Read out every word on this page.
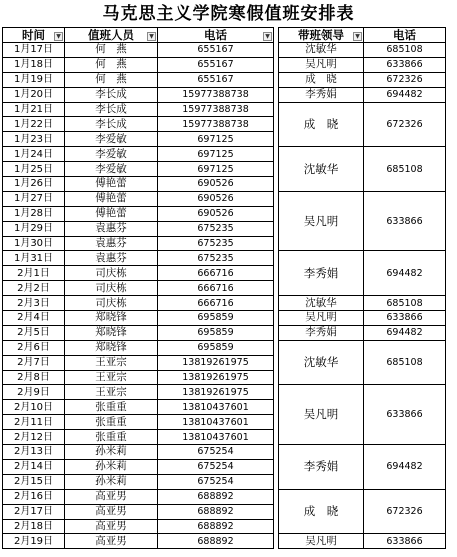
马克思主义学院寒假值班安排表
时间 ▼	值班人员 ▼	电话 ▼		带班领导 ▼	电话
1月17日	何　燕	655167		沈敏华	685108
1月18日	何　燕	655167		吴凡明	633866
1月19日	何　燕	655167		成　晓	672326
1月20日	李长成	15977388738		李秀娟	694482
1月21日	李长成	15977388738		成　晓	672326
1月22日	李长成	15977388738			
1月23日	李爱敏	697125			
1月24日	李爱敏	697125		沈敏华	685108
1月25日	李爱敏	697125			
1月26日	傅艳蕾	690526			
1月27日	傅艳蕾	690526		吴凡明	633866
1月28日	傅艳蕾	690526			
1月29日	袁惠芬	675235			
1月30日	袁惠芬	675235			
1月31日	袁惠芬	675235		李秀娟	694482
2月1日	司庆栋	666716			
2月2日	司庆栋	666716			
2月3日	司庆栋	666716		沈敏华	685108
2月4日	郑晓锋	695859		吴凡明	633866
2月5日	郑晓锋	695859		李秀娟	694482
2月6日	郑晓锋	695859		沈敏华	685108
2月7日	王亚宗	13819261975			
2月8日	王亚宗	13819261975			
2月9日	王亚宗	13819261975		吴凡明	633866
2月10日	张重重	13810437601			
2月11日	张重重	13810437601			
2月12日	张重重	13810437601			
2月13日	孙米莉	675254		李秀娟	694482
2月14日	孙米莉	675254			
2月15日	孙米莉	675254			
2月16日	高亚男	688892		成　晓	672326
2月17日	高亚男	688892			
2月18日	高亚男	688892			
2月19日	高亚男	688892		吴凡明	633866
